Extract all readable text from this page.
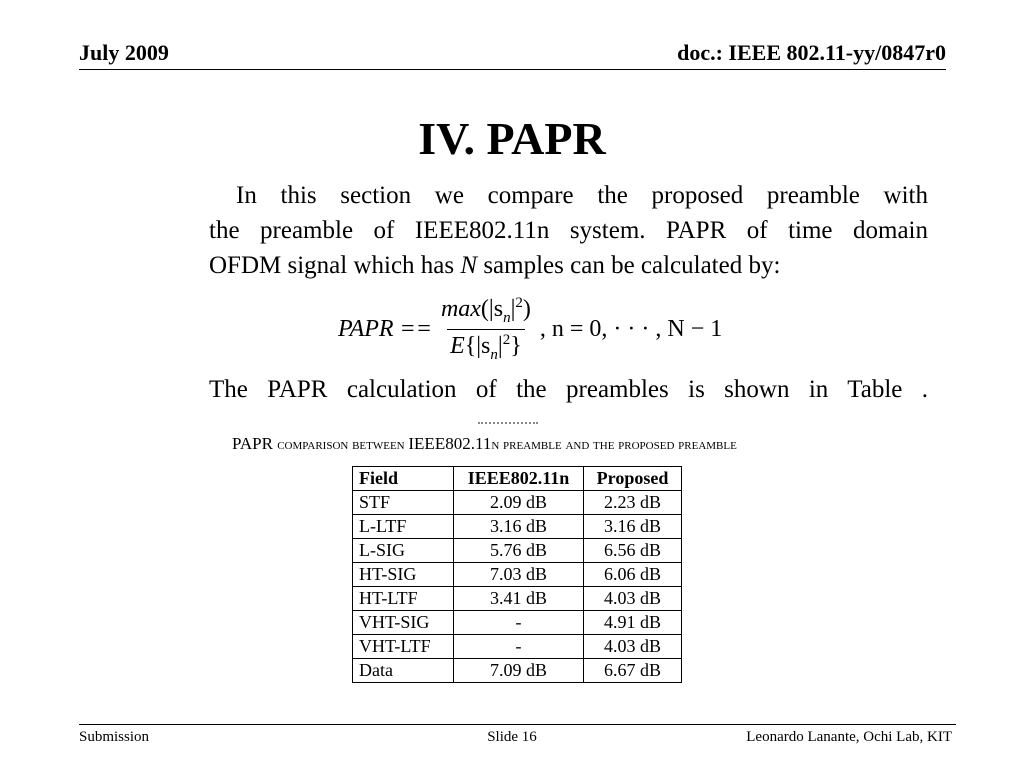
July 2009	doc.: IEEE 802.11-yy/0847r0
IV. PAPR
In this section we compare the proposed preamble with
the preamble of IEEE802.11n system. PAPR of time domain
OFDM signal which has N samples can be calculated by:
PAPR == $\frac{\max(|s_n|^2)}{E\{|s_n|^2\}}$ , n = 0, · · · , N − 1
The PAPR calculation of the preambles is shown in Table .
PAPR comparison between IEEE802.11n preamble and the proposed preamble
Field	IEEE802.11n	Proposed
STF	2.09 dB	2.23 dB
L-LTF	3.16 dB	3.16 dB
L-SIG	5.76 dB	6.56 dB
HT-SIG	7.03 dB	6.06 dB
HT-LTF	3.41 dB	4.03 dB
VHT-SIG	-	4.91 dB
VHT-LTF	-	4.03 dB
Data	7.09 dB	6.67 dB
Submission	Slide 16	Leonardo Lanante, Ochi Lab, KIT
